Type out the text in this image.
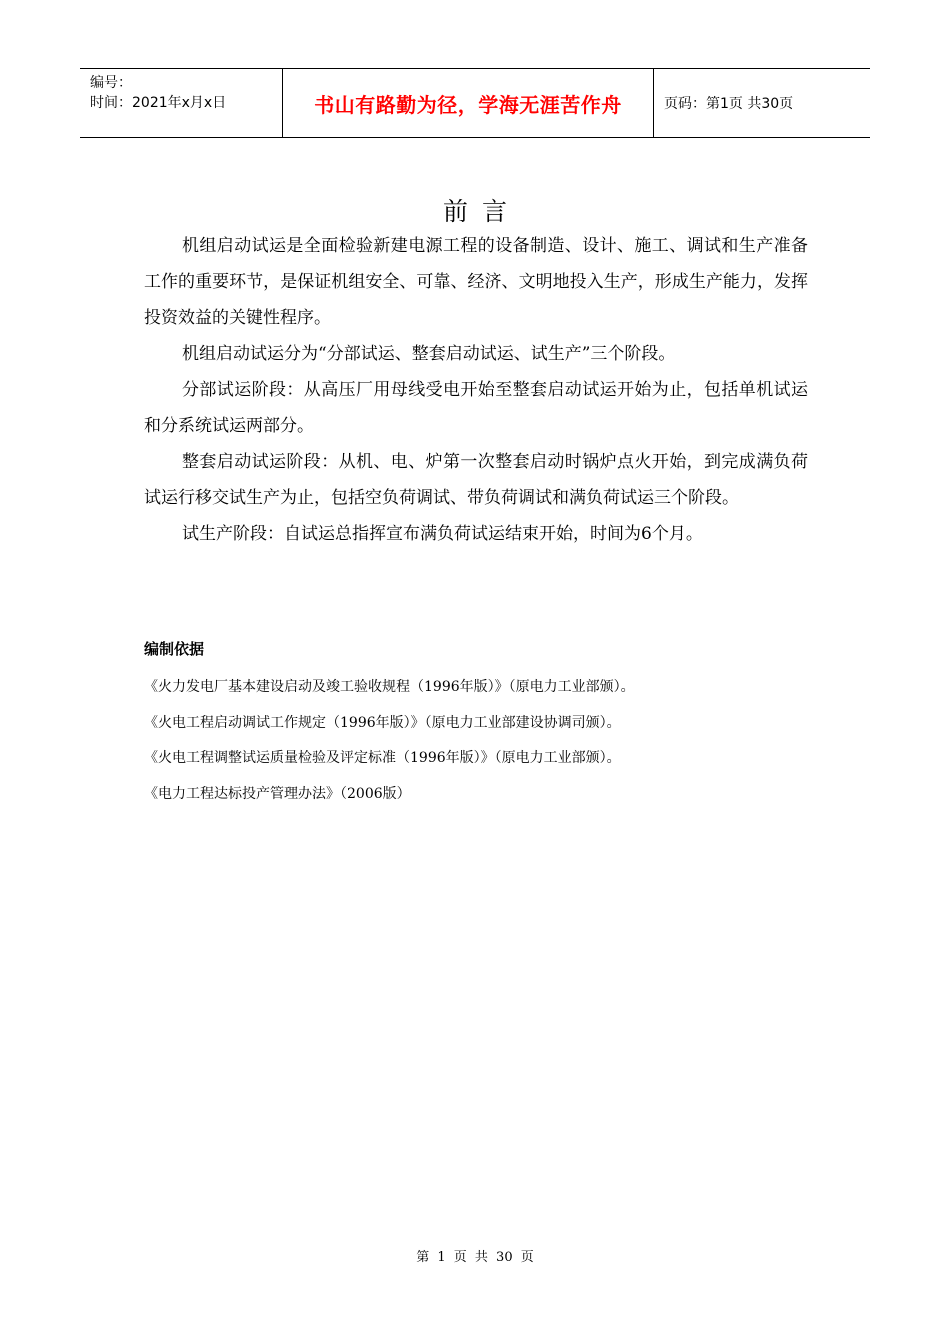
编号：
时间：2021年x月x日	书山有路勤为径，学海无涯苦作舟	页码：第1页 共30页
前言

机组启动试运是全面检验新建电源工程的设备制造、设计、施工、调试和生产准备工作的重要环节，是保证机组安全、可靠、经济、文明地投入生产，形成生产能力，发挥投资效益的关键性程序。

机组启动试运分为“分部试运、整套启动试运、试生产”三个阶段。

分部试运阶段：从高压厂用母线受电开始至整套启动试运开始为止，包括单机试运和分系统试运两部分。

整套启动试运阶段：从机、电、炉第一次整套启动时锅炉点火开始，到完成满负荷试运行移交试生产为止，包括空负荷调试、带负荷调试和满负荷试运三个阶段。

试生产阶段：自试运总指挥宣布满负荷试运结束开始，时间为6个月。

编制依据
《火力发电厂基本建设启动及竣工验收规程（1996年版）》（原电力工业部颁）。
《火电工程启动调试工作规定（1996年版）》（原电力工业部建设协调司颁）。
《火电工程调整试运质量检验及评定标准（1996年版）》（原电力工业部颁）。
《电力工程达标投产管理办法》（2006版）
第 1 页 共 30 页
